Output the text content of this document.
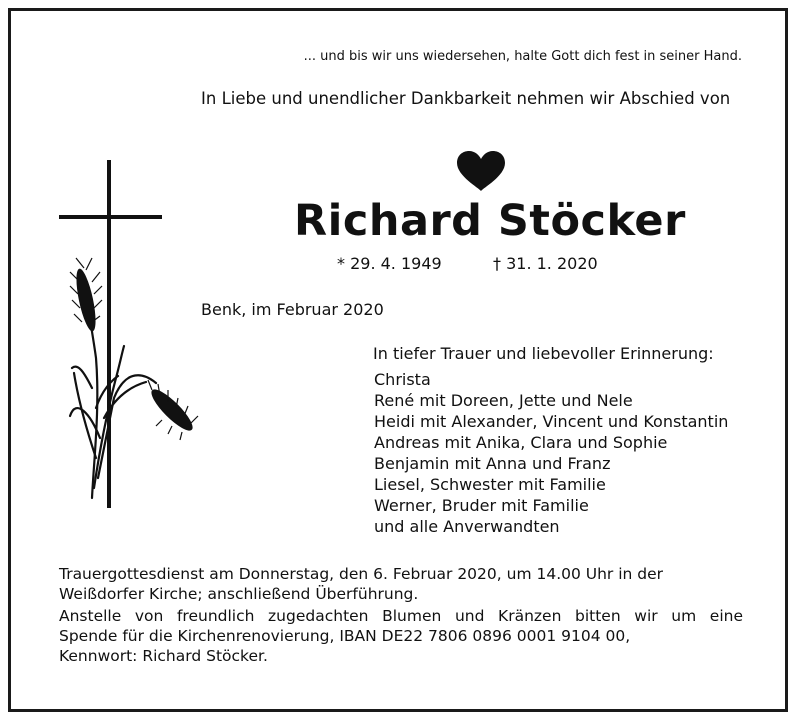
... und bis wir uns wiedersehen, halte Gott dich fest in seiner Hand.
In Liebe und unendlicher Dankbarkeit nehmen wir Abschied von
Richard Stöcker
* 29. 4. 1949	† 31. 1. 2020
Benk, im Februar 2020
In tiefer Trauer und liebevoller Erinnerung:
Christa
René mit Doreen, Jette und Nele
Heidi mit Alexander, Vincent und Konstantin
Andreas mit Anika, Clara und Sophie
Benjamin mit Anna und Franz
Liesel, Schwester mit Familie
Werner, Bruder mit Familie
und alle Anverwandten
Trauergottesdienst am Donnerstag, den 6. Februar 2020, um 14.00 Uhr in der
Weißdorfer Kirche; anschließend Überführung.
Anstelle von freundlich zugedachten Blumen und Kränzen bitten wir um eine
Spende für die Kirchenrenovierung, IBAN DE22 7806 0896 0001 9104 00,
Kennwort: Richard Stöcker.
